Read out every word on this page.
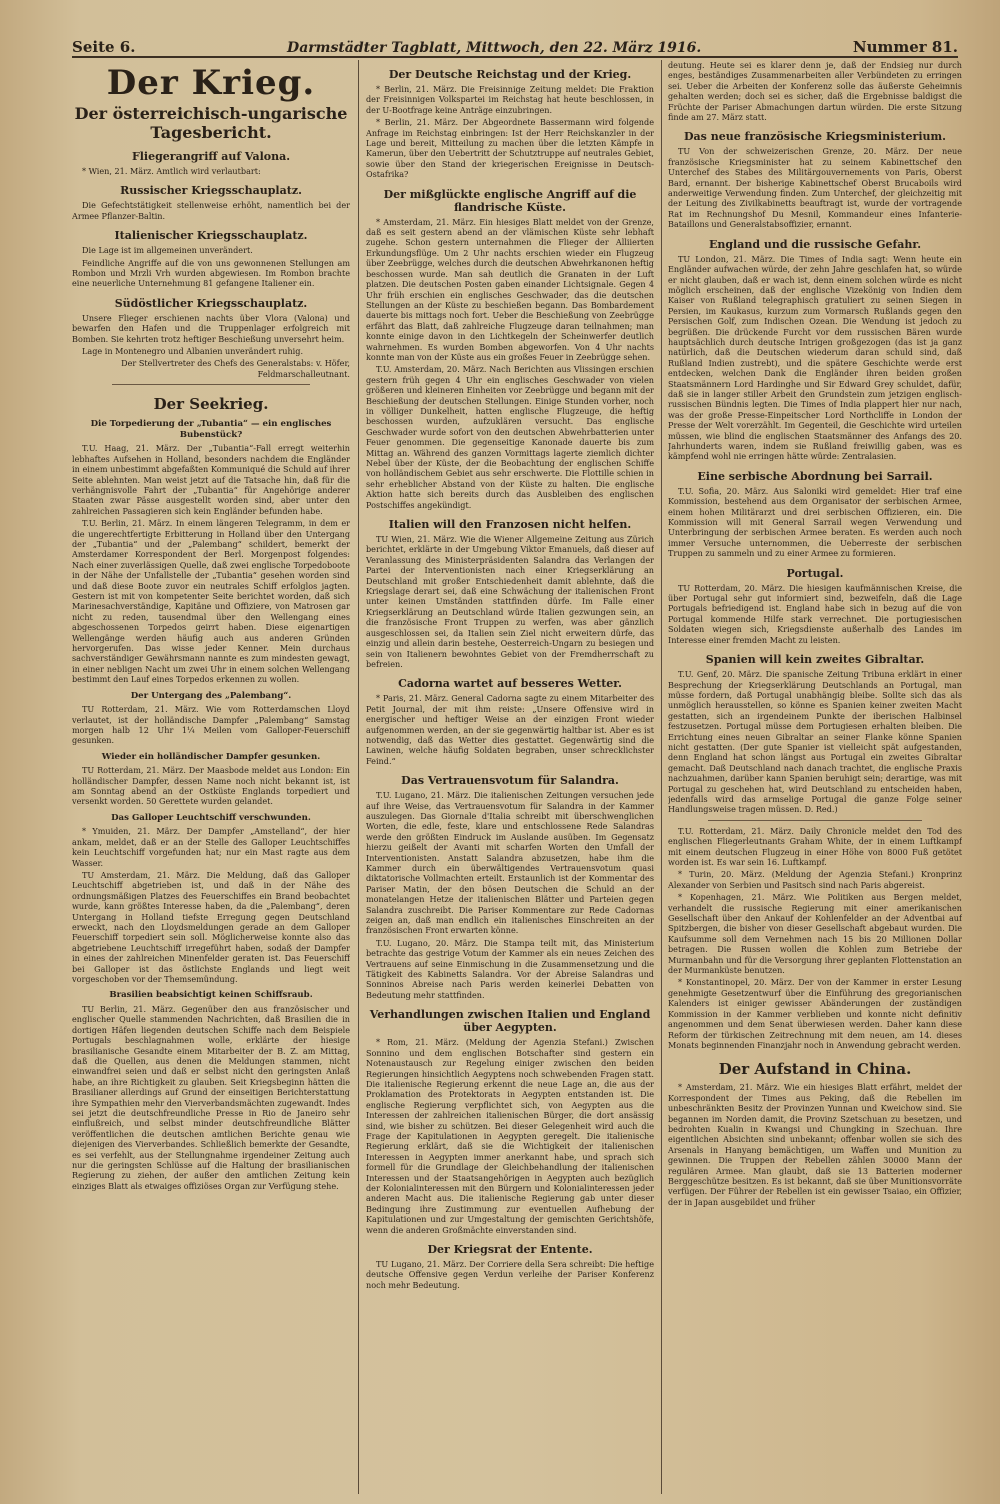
Seite 6.	Darmstädter Tagblatt, Mittwoch, den 22. März 1916.	Nummer 81.
Der Krieg.
Der österreichisch-ungarische Tagesbericht.
Fliegerangriff auf Valona.

* Wien, 21. März. Amtlich wird verlautbart:

Russischer Kriegsschauplatz.

Die Gefechtstätigkeit stellenweise erhöht, namentlich bei der Armee Pflanzer-Baltin.

Italienischer Kriegsschauplatz.

Die Lage ist im allgemeinen unverändert.

Feindliche Angriffe auf die von uns gewonnenen Stellungen am Rombon und Mrzli Vrh wurden abgewiesen. Im Rombon brachte eine neuerliche Unternehmung 81 gefangene Italiener ein.

Südöstlicher Kriegsschauplatz.

Unsere Flieger erschienen nachts über Vlora (Valona) und bewarfen den Hafen und die Truppenlager erfolgreich mit Bomben. Sie kehrten trotz heftiger Beschießung unversehrt heim.

Lage in Montenegro und Albanien unverändert ruhig.

Der Stellvertreter des Chefs des Generalstabs: v. Höfer, Feldmarschalleutnant.

Der Seekrieg.
Die Torpedierung der „Tubantia“ — ein englisches Bubenstück?

T.U. Haag, 21. März. Der „Tubantia“-Fall erregt weiterhin lebhaftes Aufsehen in Holland, besonders nachdem die Engländer in einem unbestimmt abgefaßten Kommuniqué die Schuld auf ihrer Seite ablehnten. Man weist jetzt auf die Tatsache hin, daß für die verhängnisvolle Fahrt der „Tubantia“ für Angehörige anderer Staaten zwar Pässe ausgestellt worden sind, aber unter den zahlreichen Passagieren sich kein Engländer befunden habe.

T.U. Berlin, 21. März. In einem längeren Telegramm, in dem er die ungerechtfertigte Erbitterung in Holland über den Untergang der „Tubantia“ und der „Palembang“ schildert, bemerkt der Amsterdamer Korrespondent der Berl. Morgenpost folgendes: Nach einer zuverlässigen Quelle, daß zwei englische Torpedoboote in der Nähe der Unfallstelle der „Tubantia“ gesehen worden sind und daß diese Boote zuvor ein neutrales Schiff erfolglos jagten. Gestern ist mit von kompetenter Seite berichtet worden, daß sich Marinesachverständige, Kapitäne und Offiziere, von Matrosen gar nicht zu reden, tausendmal über den Wellengang eines abgeschossenen Torpedos geirrt haben. Diese eigenartigen Wellengänge werden häufig auch aus anderen Gründen hervorgerufen. Das wisse jeder Kenner. Mein durchaus sachverständiger Gewährsmann nannte es zum mindesten gewagt, in einer nebligen Nacht um zwei Uhr in einem solchen Wellengang bestimmt den Lauf eines Torpedos erkennen zu wollen.

Der Untergang des „Palembang“.

TU Rotterdam, 21. März. Wie vom Rotterdamschen Lloyd verlautet, ist der holländische Dampfer „Palembang“ Samstag morgen halb 12 Uhr 1¼ Meilen vom Galloper-Feuerschiff gesunken.

Wieder ein holländischer Dampfer gesunken.

TU Rotterdam, 21. März. Der Maasbode meldet aus London: Ein holländischer Dampfer, dessen Name noch nicht bekannt ist, ist am Sonntag abend an der Ostküste Englands torpediert und versenkt worden. 50 Gerettete wurden gelandet.

Das Galloper Leuchtschiff verschwunden.

* Ymuiden, 21. März. Der Dampfer „Amstelland“, der hier ankam, meldet, daß er an der Stelle des Galloper Leuchtschiffes kein Leuchtschiff vorgefunden hat; nur ein Mast ragte aus dem Wasser.

TU Amsterdam, 21. März. Die Meldung, daß das Galloper Leuchtschiff abgetrieben ist, und daß in der Nähe des ordnungsmäßigen Platzes des Feuerschiffes ein Brand beobachtet wurde, kann größtes Interesse haben, da die „Palembang“, deren Untergang in Holland tiefste Erregung gegen Deutschland erweckt, nach den Lloydsmeldungen gerade an dem Galloper Feuerschiff torpediert sein soll. Möglicherweise konnte also das abgetriebene Leuchtschiff irregeführt haben, sodaß der Dampfer in eines der zahlreichen Minenfelder geraten ist. Das Feuerschiff bei Galloper ist das östlichste Englands und liegt weit vorgeschoben vor der Themsemündung.

Brasilien beabsichtigt keinen Schiffsraub.

TU Berlin, 21. März. Gegenüber den aus französischer und englischer Quelle stammenden Nachrichten, daß Brasilien die in dortigen Häfen liegenden deutschen Schiffe nach dem Beispiele Portugals beschlagnahmen wolle, erklärte der hiesige brasilianische Gesandte einem Mitarbeiter der B. Z. am Mittag, daß die Quellen, aus denen die Meldungen stammen, nicht einwandfrei seien und daß er selbst nicht den geringsten Anlaß habe, an ihre Richtigkeit zu glauben. Seit Kriegsbeginn hätten die Brasilianer allerdings auf Grund der einseitigen Berichterstattung ihre Sympathien mehr den Vierverbandsmächten zugewandt. Indes sei jetzt die deutschfreundliche Presse in Rio de Janeiro sehr einflußreich, und selbst minder deutschfreundliche Blätter veröffentlichen die deutschen amtlichen Berichte genau wie diejenigen des Vierverbandes. Schließlich bemerkte der Gesandte, es sei verfehlt, aus der Stellungnahme irgendeiner Zeitung auch nur die geringsten Schlüsse auf die Haltung der brasilianischen Regierung zu ziehen, der außer den amtlichen Zeitung kein einziges Blatt als etwaiges offiziöses Organ zur Verfügung stehe.

Der Deutsche Reichstag und der Krieg.

* Berlin, 21. März. Die Freisinnige Zeitung meldet: Die Fraktion der Freisinnigen Volkspartei im Reichstag hat heute beschlossen, in der U-Bootfrage keine Anträge einzubringen.

* Berlin, 21. März. Der Abgeordnete Bassermann wird folgende Anfrage im Reichstag einbringen: Ist der Herr Reichskanzler in der Lage und bereit, Mitteilung zu machen über die letzten Kämpfe in Kamerun, über den Uebertritt der Schutztruppe auf neutrales Gebiet, sowie über den Stand der kriegerischen Ereignisse in Deutsch-Ostafrika?

Der mißglückte englische Angriff auf die flandrische Küste.

* Amsterdam, 21. März. Ein hiesiges Blatt meldet von der Grenze, daß es seit gestern abend an der vlämischen Küste sehr lebhaft zugehe. Schon gestern unternahmen die Flieger der Alliierten Erkundungsflüge. Um 2 Uhr nachts erschien wieder ein Flugzeug über Zeebrügge, welches durch die deutschen Abwehrkanonen heftig beschossen wurde. Man sah deutlich die Granaten in der Luft platzen. Die deutschen Posten gaben einander Lichtsignale. Gegen 4 Uhr früh erschien ein englisches Geschwader, das die deutschen Stellungen an der Küste zu beschießen begann. Das Bombardement dauerte bis mittags noch fort. Ueber die Beschießung von Zeebrügge erfährt das Blatt, daß zahlreiche Flugzeuge daran teilnahmen; man konnte einige davon in den Lichtkegeln der Scheinwerfer deutlich wahrnehmen. Es wurden Bomben abgeworfen. Von 4 Uhr nachts konnte man von der Küste aus ein großes Feuer in Zeebrügge sehen.

T.U. Amsterdam, 20. März. Nach Berichten aus Vlissingen erschien gestern früh gegen 4 Uhr ein englisches Geschwader von vielen größeren und kleineren Einheiten vor Zeebrügge und begann mit der Beschießung der deutschen Stellungen. Einige Stunden vorher, noch in völliger Dunkelheit, hatten englische Flugzeuge, die heftig beschossen wurden, aufzuklären versucht. Das englische Geschwader wurde sofort von den deutschen Abwehrbatterien unter Feuer genommen. Die gegenseitige Kanonade dauerte bis zum Mittag an. Während des ganzen Vormittags lagerte ziemlich dichter Nebel über der Küste, der die Beobachtung der englischen Schiffe von holländischem Gebiet aus sehr erschwerte. Die Flottille schien in sehr erheblicher Abstand von der Küste zu halten. Die englische Aktion hatte sich bereits durch das Ausbleiben des englischen Postschiffes angekündigt.

Italien will den Franzosen nicht helfen.

TU Wien, 21. März. Wie die Wiener Allgemeine Zeitung aus Zürich berichtet, erklärte in der Umgebung Viktor Emanuels, daß dieser auf Veranlassung des Ministerpräsidenten Salandra das Verlangen der Partei der Interventionisten nach einer Kriegserklärung an Deutschland mit großer Entschiedenheit damit ablehnte, daß die Kriegslage derart sei, daß eine Schwächung der italienischen Front unter keinen Umständen stattfinden dürfe. Im Falle einer Kriegserklärung an Deutschland würde Italien gezwungen sein, an die französische Front Truppen zu werfen, was aber gänzlich ausgeschlossen sei, da Italien sein Ziel nicht erweitern dürfe, das einzig und allein darin bestehe, Oesterreich-Ungarn zu besiegen und sein von Italienern bewohntes Gebiet von der Fremdherrschaft zu befreien.

Cadorna wartet auf besseres Wetter.

* Paris, 21. März. General Cadorna sagte zu einem Mitarbeiter des Petit Journal, der mit ihm reiste: „Unsere Offensive wird in energischer und heftiger Weise an der einzigen Front wieder aufgenommen werden, an der sie gegenwärtig haltbar ist. Aber es ist notwendig, daß das Wetter dies gestattet. Gegenwärtig sind die Lawinen, welche häufig Soldaten begraben, unser schrecklichster Feind.“

Das Vertrauensvotum für Salandra.

T.U. Lugano, 21. März. Die italienischen Zeitungen versuchen jede auf ihre Weise, das Vertrauensvotum für Salandra in der Kammer auszulegen. Das Giornale d'Italia schreibt mit überschwenglichen Worten, die edle, feste, klare und entschlossene Rede Salandras werde den größten Eindruck im Auslande ausüben. Im Gegensatz hierzu geißelt der Avanti mit scharfen Worten den Umfall der Interventionisten. Anstatt Salandra abzusetzen, habe ihm die Kammer durch ein überwältigendes Vertrauensvotum quasi diktatorische Vollmachten erteilt. Erstaunlich ist der Kommentar des Pariser Matin, der den bösen Deutschen die Schuld an der monatelangen Hetze der italienischen Blätter und Parteien gegen Salandra zuschreibt. Die Pariser Kommentare zur Rede Cadornas zeigen an, daß man endlich ein italienisches Einschreiten an der französischen Front erwarten könne.

T.U. Lugano, 20. März. Die Stampa teilt mit, das Ministerium betrachte das gestrige Votum der Kammer als ein neues Zeichen des Vertrauens auf seine Einmischung in die Zusammensetzung und die Tätigkeit des Kabinetts Salandra. Vor der Abreise Salandras und Sonninos Abreise nach Paris werden keinerlei Debatten von Bedeutung mehr stattfinden.

Verhandlungen zwischen Italien und England über Aegypten.

* Rom, 21. März. (Meldung der Agenzia Stefani.) Zwischen Sonnino und dem englischen Botschafter sind gestern ein Notenaustausch zur Regelung einiger zwischen den beiden Regierungen hinsichtlich Aegyptens noch schwebenden Fragen statt. Die italienische Regierung erkennt die neue Lage an, die aus der Proklamation des Protektorats in Aegypten entstanden ist. Die englische Regierung verpflichtet sich, von Aegypten aus die Interessen der zahlreichen italienischen Bürger, die dort ansässig sind, wie bisher zu schützen. Bei dieser Gelegenheit wird auch die Frage der Kapitulationen in Aegypten geregelt. Die italienische Regierung erklärt, daß sie die Wichtigkeit der italienischen Interessen in Aegypten immer anerkannt habe, und sprach sich formell für die Grundlage der Gleichbehandlung der italienischen Interessen und der Staatsangehörigen in Aegypten auch bezüglich der Kolonialinteressen mit den Bürgern und Kolonialinteressen jeder anderen Macht aus. Die italienische Regierung gab unter dieser Bedingung ihre Zustimmung zur eventuellen Aufhebung der Kapitulationen und zur Umgestaltung der gemischten Gerichtshöfe, wenn die anderen Großmächte einverstanden sind.

Der Kriegsrat der Entente.

TU Lugano, 21. März. Der Corriere della Sera schreibt: Die heftige deutsche Offensive gegen Verdun verleihe der Pariser Konferenz noch mehr Bedeutung.

deutung. Heute sei es klarer denn je, daß der Endsieg nur durch enges, beständiges Zusammenarbeiten aller Verbündeten zu erringen sei. Ueber die Arbeiten der Konferenz solle das äußerste Geheimnis gehalten werden; doch sei es sicher, daß die Ergebnisse baldigst die Früchte der Pariser Abmachungen dartun würden. Die erste Sitzung finde am 27. März statt.

Das neue französische Kriegsministerium.

TU Von der schweizerischen Grenze, 20. März. Der neue französische Kriegsminister hat zu seinem Kabinettschef den Unterchef des Stabes des Militärgouvernements von Paris, Oberst Bard, ernannt. Der bisherige Kabinettschef Oberst Brucaboils wird anderweitige Verwendung finden. Zum Unterchef, der gleichzeitig mit der Leitung des Zivilkabinetts beauftragt ist, wurde der vortragende Rat im Rechnungshof Du Mesnil, Kommandeur eines Infanterie-Bataillons und Generalstabsoffizier, ernannt.

England und die russische Gefahr.

TU London, 21. März. Die Times of India sagt: Wenn heute ein Engländer aufwachen würde, der zehn Jahre geschlafen hat, so würde er nicht glauben, daß er wach ist, denn einem solchen würde es nicht möglich erscheinen, daß der englische Vizekönig von Indien dem Kaiser von Rußland telegraphisch gratuliert zu seinen Siegen in Persien, im Kaukasus, kurzum zum Vormarsch Rußlands gegen den Persischen Golf, zum Indischen Ozean. Die Wendung ist jedoch zu begrüßen. Die drückende Furcht vor dem russischen Bären wurde hauptsächlich durch deutsche Intrigen großgezogen (das ist ja ganz natürlich, daß die Deutschen wiederum daran schuld sind, daß Rußland Indien zustrebt), und die spätere Geschichte werde erst entdecken, welchen Dank die Engländer ihren beiden großen Staatsmännern Lord Hardinghe und Sir Edward Grey schuldet, dafür, daß sie in langer stiller Arbeit den Grundstein zum jetzigen englisch-russischen Bündnis legten. Die Times of India plappert hier nur nach, was der große Presse-Einpeitscher Lord Northcliffe in London der Presse der Welt vorerzählt. Im Gegenteil, die Geschichte wird urteilen müssen, wie blind die englischen Staatsmänner des Anfangs des 20. Jahrhunderts waren, indem sie Rußland freiwillig gaben, was es kämpfend wohl nie erringen hätte würde: Zentralasien.

Eine serbische Abordnung bei Sarrail.

T.U. Sofia, 20. März. Aus Saloniki wird gemeldet: Hier traf eine Kommission, bestehend aus dem Organisator der serbischen Armee, einem hohen Militärarzt und drei serbischen Offizieren, ein. Die Kommission will mit General Sarrail wegen Verwendung und Unterbringung der serbischen Armee beraten. Es werden auch noch immer Versuche unternommen, die Ueberreste der serbischen Truppen zu sammeln und zu einer Armee zu formieren.

Portugal.

TU Rotterdam, 20. März. Die hiesigen kaufmännischen Kreise, die über Portugal sehr gut informiert sind, bezweifeln, daß die Lage Portugals befriedigend ist. England habe sich in bezug auf die von Portugal kommende Hilfe stark verrechnet. Die portugiesischen Soldaten wiegen sich, Kriegsdienste außerhalb des Landes im Interesse einer fremden Macht zu leisten.

Spanien will kein zweites Gibraltar.

T.U. Genf, 20. März. Die spanische Zeitung Tribuna erklärt in einer Besprechung der Kriegserklärung Deutschlands an Portugal, man müsse fordern, daß Portugal unabhängig bleibe. Sollte sich das als unmöglich herausstellen, so könne es Spanien keiner zweiten Macht gestatten, sich an irgendeinem Punkte der iberischen Halbinsel festzusetzen. Portugal müsse dem Portugiesen erhalten bleiben. Die Errichtung eines neuen Gibraltar an seiner Flanke könne Spanien nicht gestatten. (Der gute Spanier ist vielleicht spät aufgestanden, denn England hat schon längst aus Portugal ein zweites Gibraltar gemacht. Daß Deutschland nach danach trachtet, die englische Praxis nachzuahmen, darüber kann Spanien beruhigt sein; derartige, was mit Portugal zu geschehen hat, wird Deutschland zu entscheiden haben, jedenfalls wird das armselige Portugal die ganze Folge seiner Handlungsweise tragen müssen. D. Red.)

T.U. Rotterdam, 21. März. Daily Chronicle meldet den Tod des englischen Fliegerleutnants Graham White, der in einem Luftkampf mit einem deutschen Flugzeug in einer Höhe von 8000 Fuß getötet worden ist. Es war sein 16. Luftkampf.

* Turin, 20. März. (Meldung der Agenzia Stefani.) Kronprinz Alexander von Serbien und Pasitsch sind nach Paris abgereist.

* Kopenhagen, 21. März. Wie Politiken aus Bergen meldet, verhandelt die russische Regierung mit einer amerikanischen Gesellschaft über den Ankauf der Kohlenfelder an der Adventbai auf Spitzbergen, die bisher von dieser Gesellschaft abgebaut wurden. Die Kaufsumme soll dem Vernehmen nach 15 bis 20 Millionen Dollar betragen. Die Russen wollen die Kohlen zum Betriebe der Murmanbahn und für die Versorgung ihrer geplanten Flottenstation an der Murmanküste benutzen.

* Konstantinopel, 20. März. Der von der Kammer in erster Lesung genehmigte Gesetzentwurf über die Einführung des gregorianischen Kalenders ist einiger gewisser Abänderungen der zuständigen Kommission in der Kammer verblieben und konnte nicht definitiv angenommen und dem Senat überwiesen werden. Daher kann diese Reform der türkischen Zeitrechnung mit dem neuen, am 14. dieses Monats beginnenden Finanzjahr noch in Anwendung gebracht werden.

Der Aufstand in China.

* Amsterdam, 21. März. Wie ein hiesiges Blatt erfährt, meldet der Korrespondent der Times aus Peking, daß die Rebellen im unbeschränkten Besitz der Provinzen Yunnan und Kweichow sind. Sie begannen im Norden damit, die Provinz Szetschuan zu besetzen, und bedrohten Kualin in Kwangsi und Chungking in Szechuan. Ihre eigentlichen Absichten sind unbekannt; offenbar wollen sie sich des Arsenals in Hanyang bemächtigen, um Waffen und Munition zu gewinnen. Die Truppen der Rebellen zählen 30000 Mann der regulären Armee. Man glaubt, daß sie 13 Batterien moderner Berggeschütze besitzen. Es ist bekannt, daß sie über Munitionsvorräte verfügen. Der Führer der Rebellen ist ein gewisser Tsaiao, ein Offizier, der in Japan ausgebildet und früher
